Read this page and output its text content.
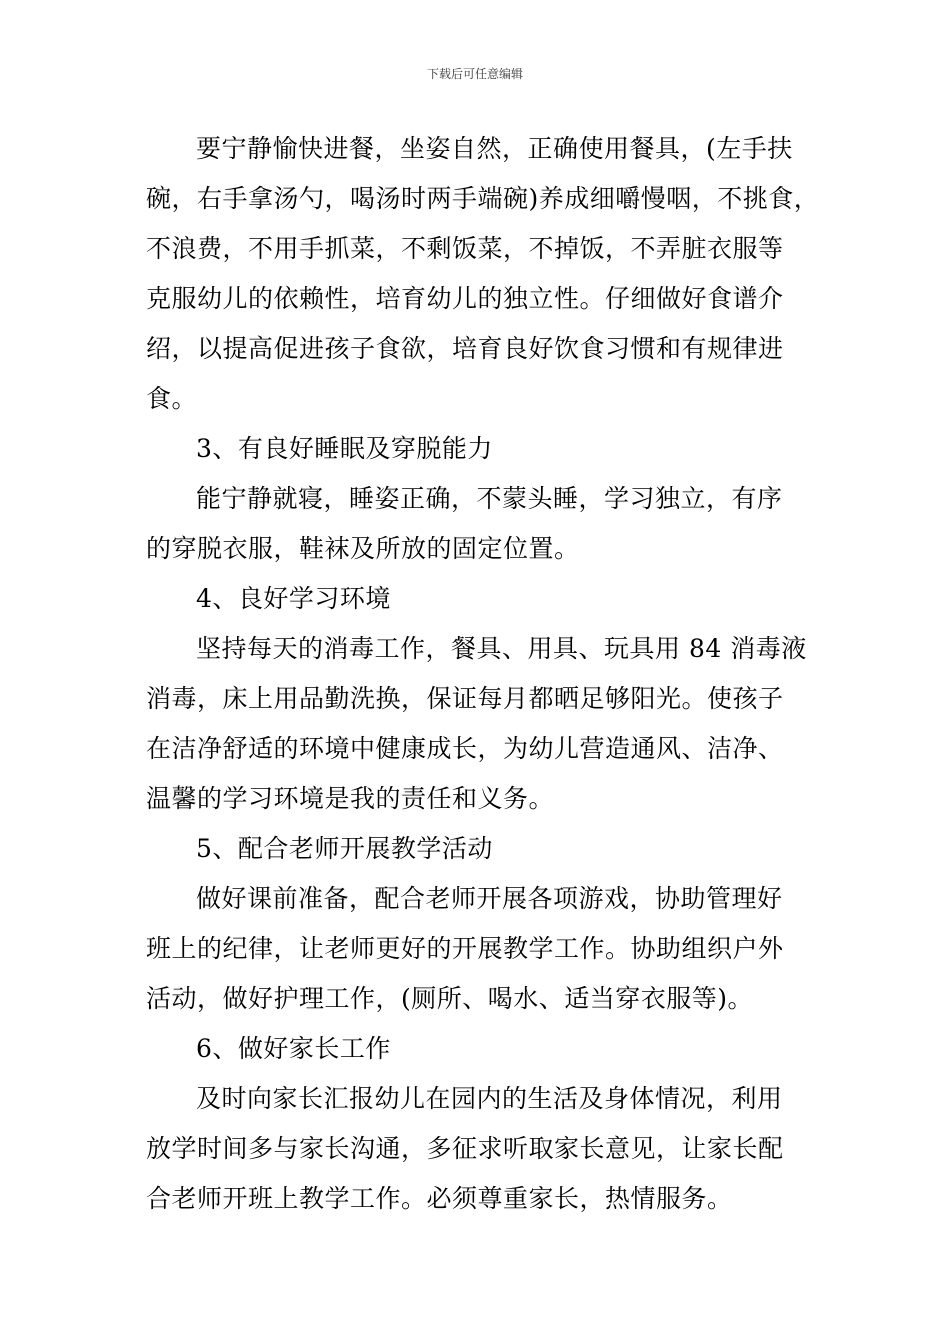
下载后可任意编辑
要宁静愉快进餐，坐姿自然，正确使用餐具，(左手扶
碗，右手拿汤勺，喝汤时两手端碗)养成细嚼慢咽，不挑食，
不浪费，不用手抓菜，不剩饭菜，不掉饭，不弄脏衣服等
克服幼儿的依赖性，培育幼儿的独立性。仔细做好食谱介
绍，以提高促进孩子食欲，培育良好饮食习惯和有规律进
食。
3、有良好睡眠及穿脱能力
能宁静就寝，睡姿正确，不蒙头睡，学习独立，有序
的穿脱衣服，鞋袜及所放的固定位置。
4、良好学习环境
坚持每天的消毒工作，餐具、用具、玩具用 84 消毒液
消毒，床上用品勤洗换，保证每月都晒足够阳光。使孩子
在洁净舒适的环境中健康成长，为幼儿营造通风、洁净、
温馨的学习环境是我的责任和义务。
5、配合老师开展教学活动
做好课前准备，配合老师开展各项游戏，协助管理好
班上的纪律，让老师更好的开展教学工作。协助组织户外
活动，做好护理工作，(厕所、喝水、适当穿衣服等)。
6、做好家长工作
及时向家长汇报幼儿在园内的生活及身体情况，利用
放学时间多与家长沟通，多征求听取家长意见，让家长配
合老师开班上教学工作。必须尊重家长，热情服务。
